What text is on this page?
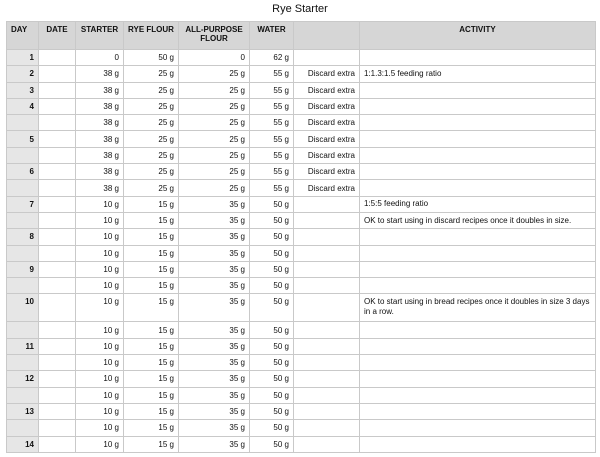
Rye Starter
DAY	DATE	STARTER	RYE FLOUR	ALL-PURPOSE FLOUR	WATER		ACTIVITY
1		0	50 g	0	62 g		
2		38 g	25 g	25 g	55 g	Discard extra	1:1.3:1.5 feeding ratio
3		38 g	25 g	25 g	55 g	Discard extra	
4		38 g	25 g	25 g	55 g	Discard extra	
		38 g	25 g	25 g	55 g	Discard extra	
5		38 g	25 g	25 g	55 g	Discard extra	
		38 g	25 g	25 g	55 g	Discard extra	
6		38 g	25 g	25 g	55 g	Discard extra	
		38 g	25 g	25 g	55 g	Discard extra	
7		10 g	15 g	35 g	50 g		1:5:5 feeding ratio
		10 g	15 g	35 g	50 g		OK to start using in discard recipes once it doubles in size.
8		10 g	15 g	35 g	50 g		
		10 g	15 g	35 g	50 g		
9		10 g	15 g	35 g	50 g		
		10 g	15 g	35 g	50 g		
10		10 g	15 g	35 g	50 g		OK to start using in bread recipes once it doubles in size 3 days in a row.
		10 g	15 g	35 g	50 g		
11		10 g	15 g	35 g	50 g		
		10 g	15 g	35 g	50 g		
12		10 g	15 g	35 g	50 g		
		10 g	15 g	35 g	50 g		
13		10 g	15 g	35 g	50 g		
		10 g	15 g	35 g	50 g		
14		10 g	15 g	35 g	50 g		
